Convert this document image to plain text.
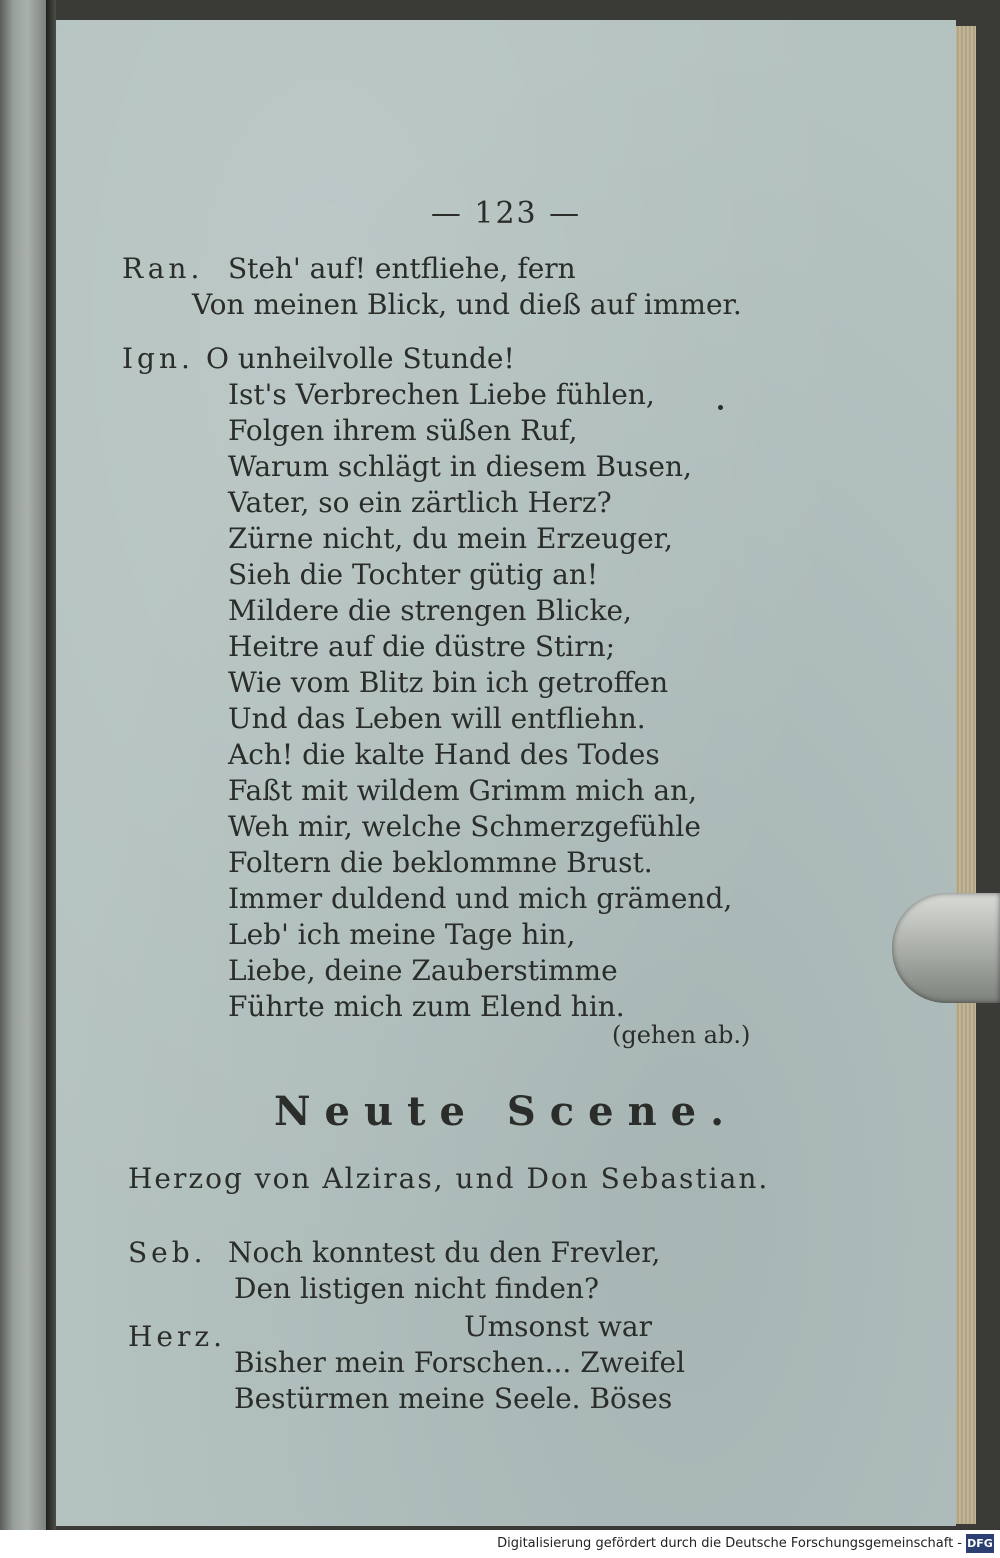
— 123 —
Ran. Steh' auf! entfliehe, fern
Von meinen Blick, und dieß auf immer.
Ign. O unheilvolle Stunde!
Ist's Verbrechen Liebe fühlen,
Folgen ihrem süßen Ruf,
Warum schlägt in diesem Busen,
Vater, so ein zärtlich Herz?
Zürne nicht, du mein Erzeuger,
Sieh die Tochter gütig an!
Mildere die strengen Blicke,
Heitre auf die düstre Stirn;
Wie vom Blitz bin ich getroffen
Und das Leben will entfliehn.
Ach! die kalte Hand des Todes
Faßt mit wildem Grimm mich an,
Weh mir, welche Schmerzgefühle
Foltern die beklommne Brust.
Immer duldend und mich grämend,
Leb' ich meine Tage hin,
Liebe, deine Zauberstimme
Führte mich zum Elend hin.
(gehen ab.)
Neute Scene.
Herzog von Alziras, und Don Sebastian.
Seb. Noch konntest du den Frevler,
Den listigen nicht finden?
Herz.	Umsonst war
Bisher mein Forschen... Zweifel
Bestürmen meine Seele. Böses
Digitalisierung gefördert durch die Deutsche Forschungsgemeinschaft - DFG
